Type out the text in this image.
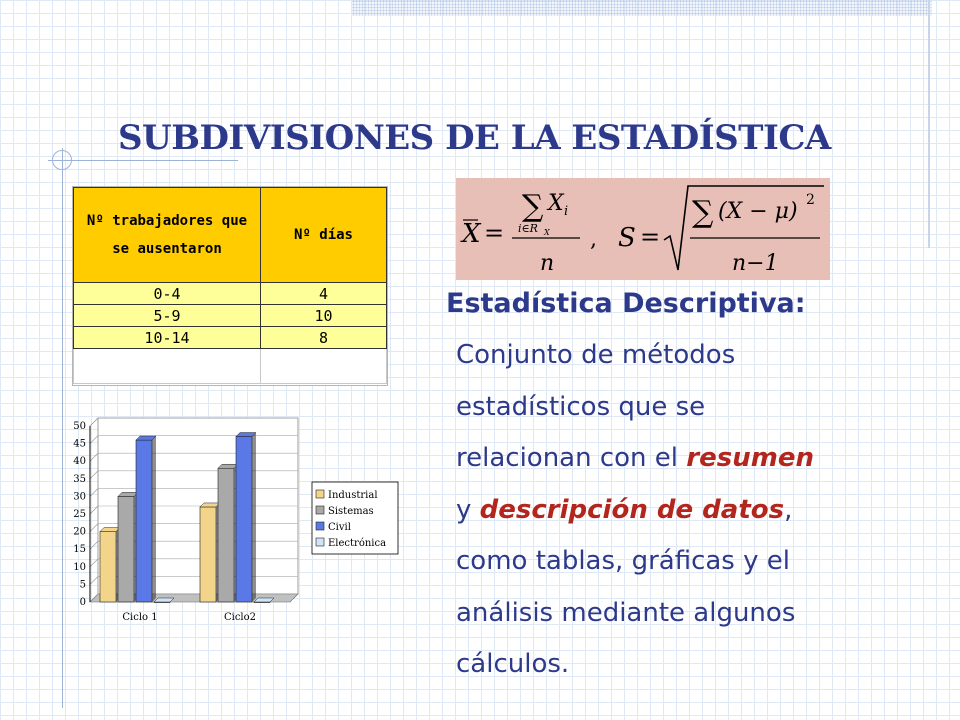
SUBDIVISIONES DE LA ESTADÍSTICA
Nº trabajadores que
se ausentaron	Nº días
0-4	4
5-9	10
10-14	8

X =
∑ X i
i∈R X
n
, S =
∑ (X − μ) 2
n−1
Estadística Descriptiva:

Conjunto de métodos
estadísticos que se
relacionan con el resumen
y descripción de datos,
como tablas, gráficas y el
análisis mediante algunos
cálculos.

0
5
10
15
20
25
30
35
40
45
50
Ciclo 1	Ciclo2
Industrial
Sistemas
Civil
Electrónica
